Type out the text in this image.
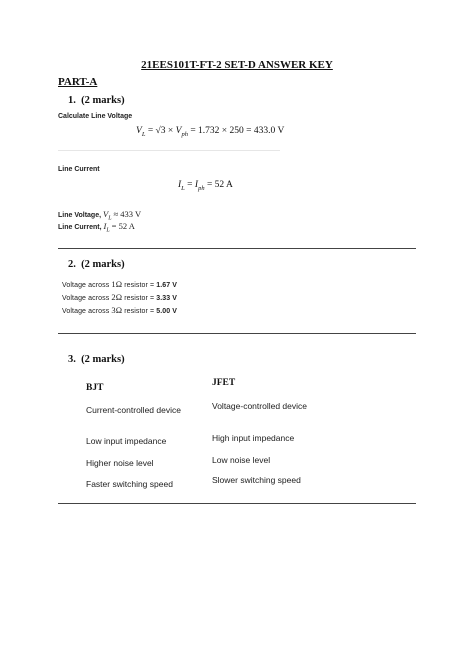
21EES101T-FT-2 SET-D ANSWER KEY
PART-A
1. (2 marks)
Calculate Line Voltage
$V_L = √3 \times V_{ph} = 1.732 \times 250 = 433.0$ V
Line Current
$I_L = I_{ph} = 52$ A
Line Voltage, $V_L \approx 433$ V
Line Current, $I_L = 52$ A
2. (2 marks)
Voltage across 1Ω resistor = 1.67 V
Voltage across 2Ω resistor = 3.33 V
Voltage across 3Ω resistor = 5.00 V
3. (2 marks)
BJT	JFET
Current-controlled device	Voltage-controlled device
Low input impedance	High input impedance
Higher noise level	Low noise level
Faster switching speed	Slower switching speed
